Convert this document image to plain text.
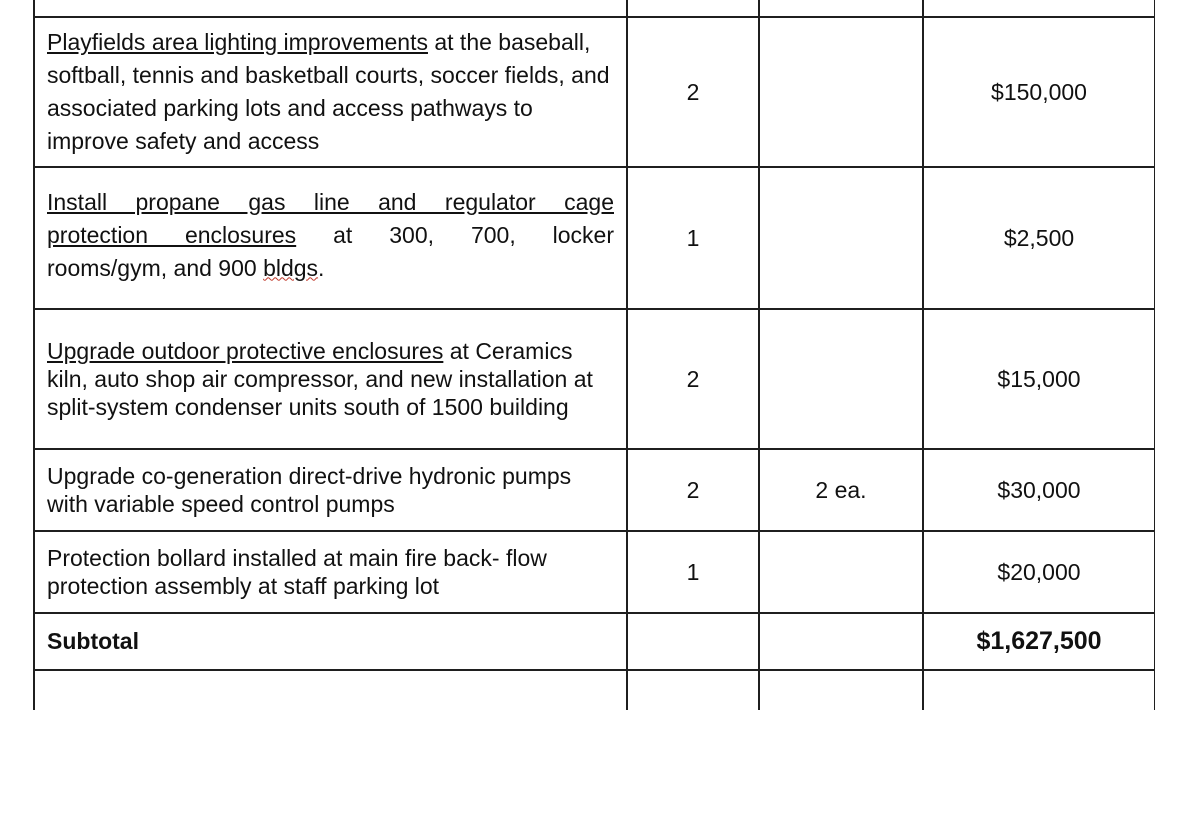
Playfields area lighting improvements at the baseball, softball, tennis and basketball courts, soccer fields, and associated parking lots and access pathways to improve safety and access	2		$150,000

Install propane gas line and regulator cage
protection enclosures at 300, 700, locker
rooms/gym, and 900 bldgs.	1		$2,500

Upgrade outdoor protective enclosures at Ceramics kiln, auto shop air compressor, and new installation at split-system condenser units south of 1500 building	2		$15,000

Upgrade co-generation direct-drive hydronic pumps with variable speed control pumps	2	2 ea.	$30,000

Protection bollard installed at main fire back- flow protection assembly at staff parking lot	1		$20,000
Subtotal			$1,627,500
